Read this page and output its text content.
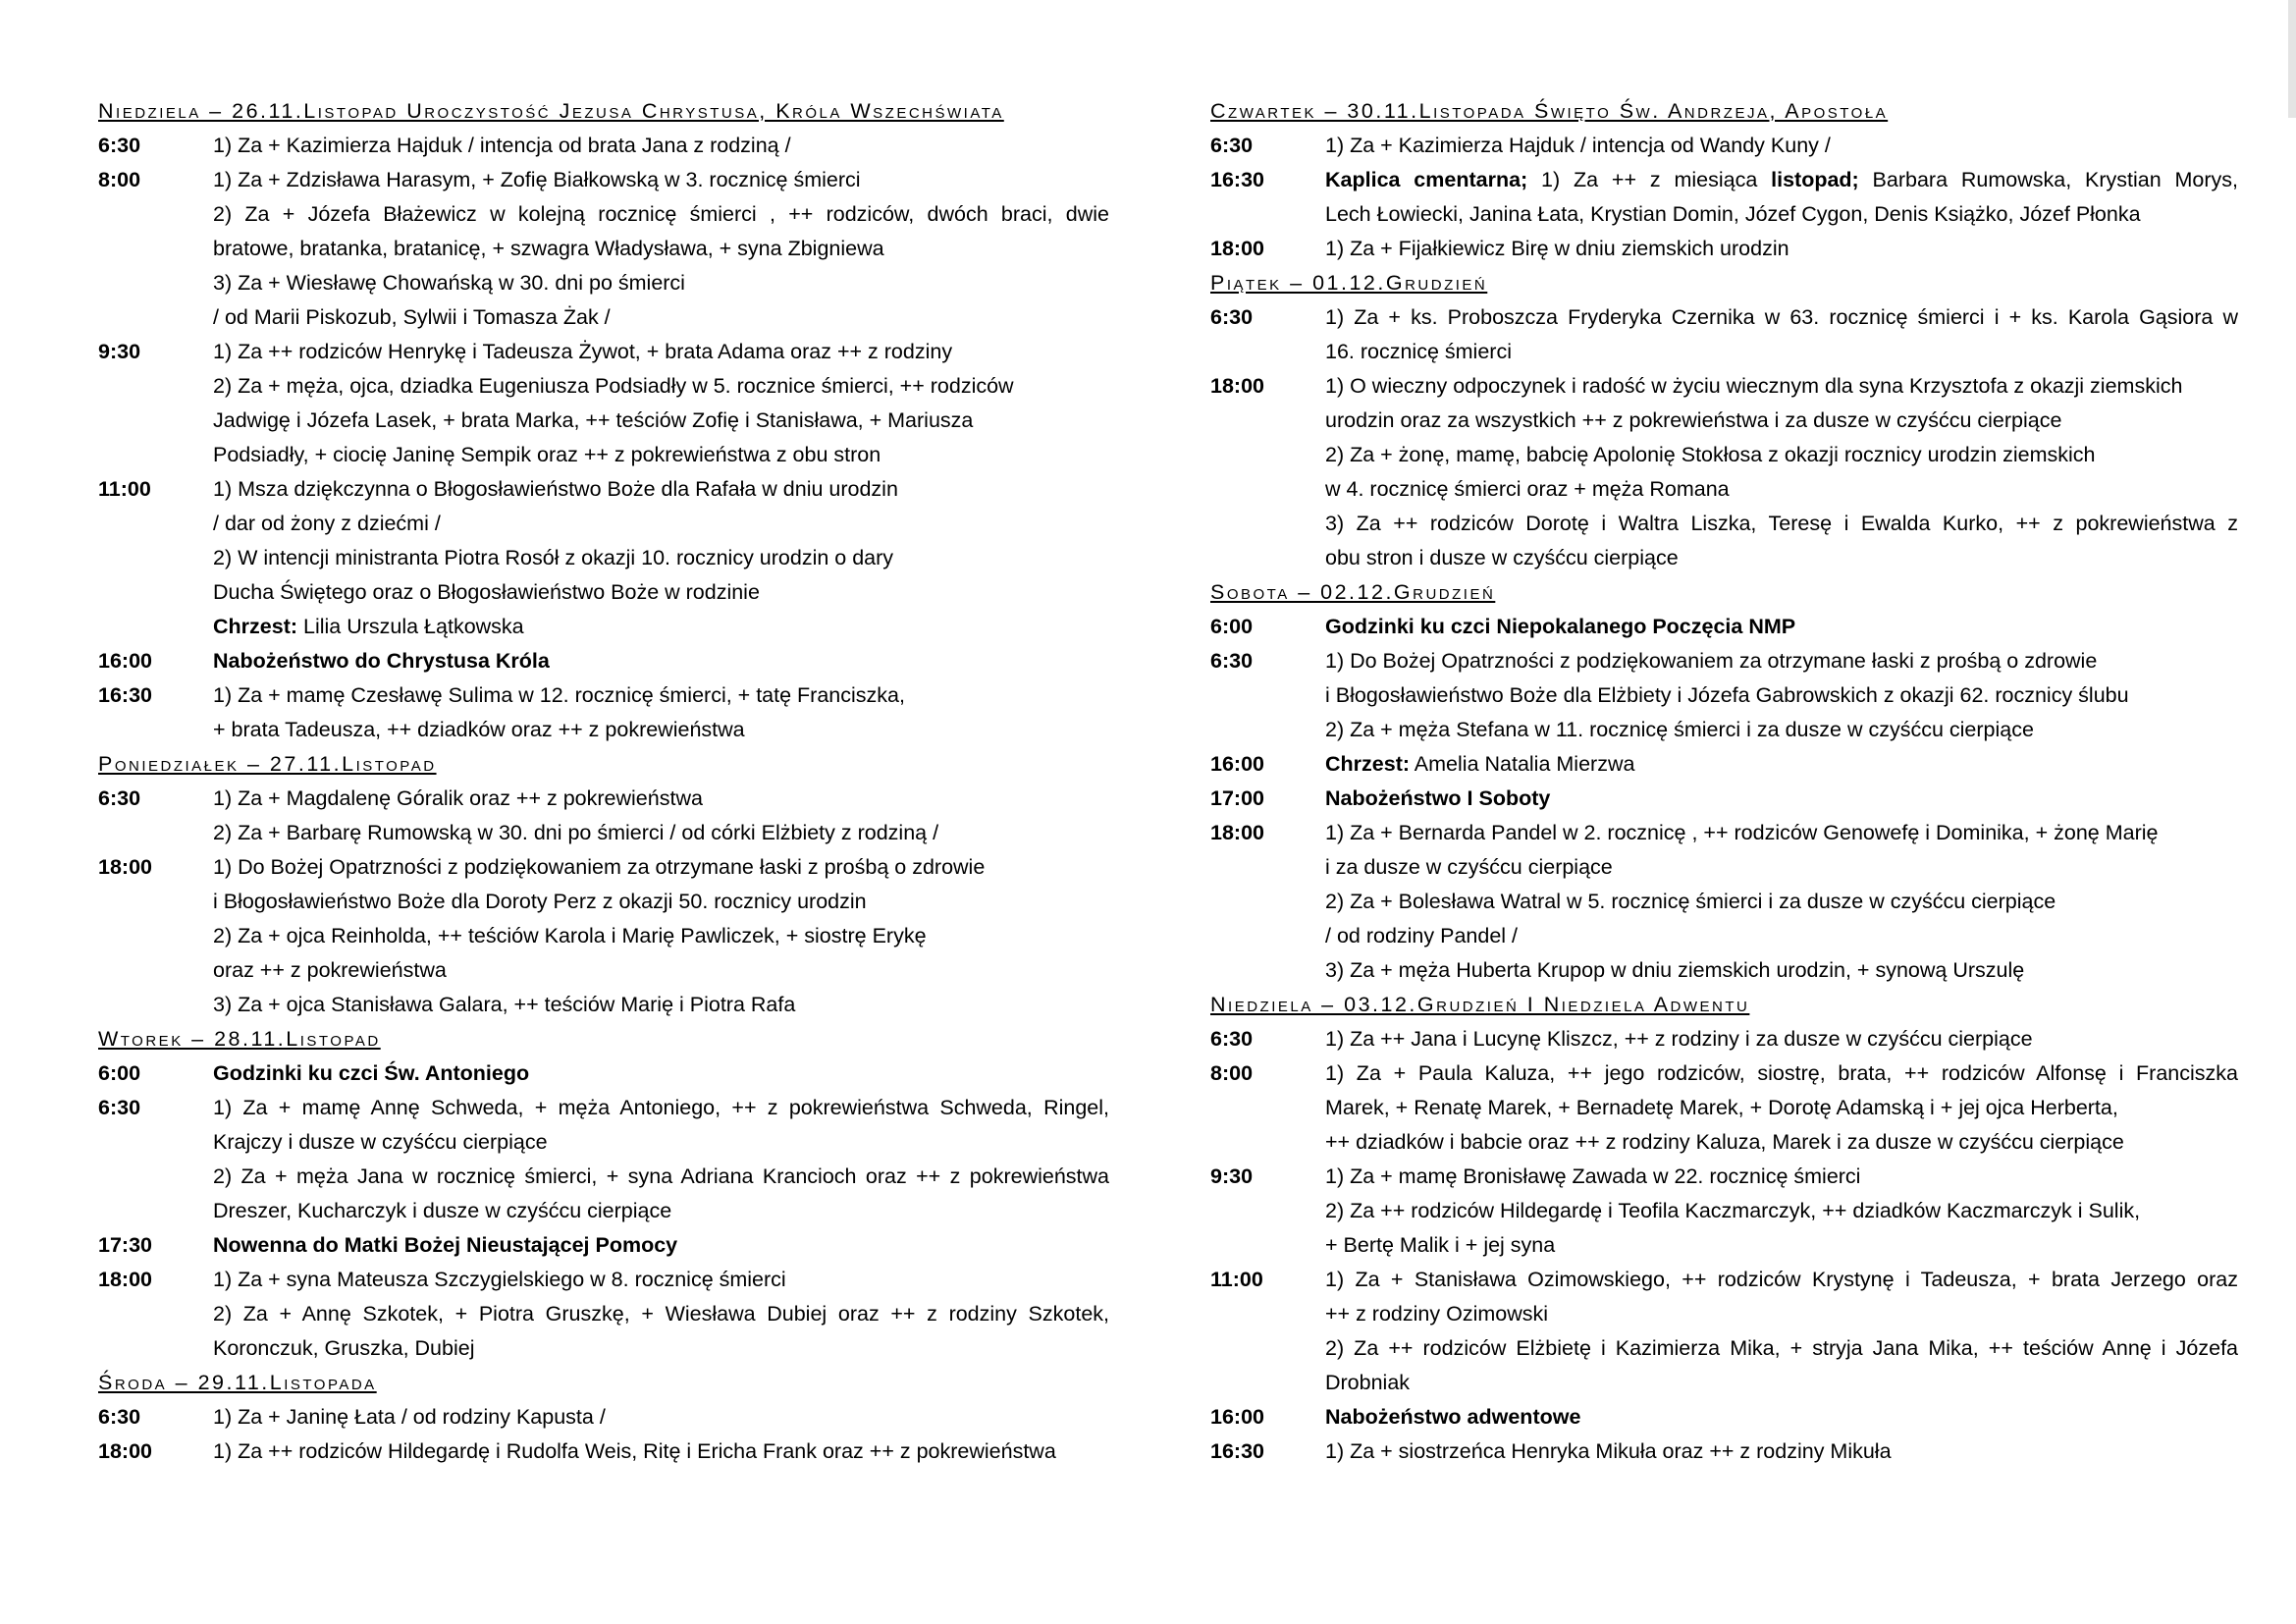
Niedziela – 26.11.Listopad Uroczystość Jezusa Chrystusa, Króla Wszechświata
6:30	1) Za + Kazimierza Hajduk / intencja od brata Jana z rodziną /
8:00	1) Za + Zdzisława Harasym, + Zofię Białkowską w 3. rocznicę śmierci
2) Za + Józefa Błażewicz w kolejną rocznicę śmierci , ++ rodziców, dwóch braci, dwie
bratowe, bratanka, bratanicę, + szwagra Władysława, + syna Zbigniewa
3) Za + Wiesławę Chowańską w 30. dni po śmierci
/ od Marii Piskozub, Sylwii i Tomasza Żak /
9:30	1) Za ++ rodziców Henrykę i Tadeusza Żywot, + brata Adama oraz ++ z rodziny
2) Za + męża, ojca, dziadka Eugeniusza Podsiadły w 5. rocznice śmierci, ++ rodziców
Jadwigę i Józefa Lasek, + brata Marka, ++ teściów Zofię i Stanisława, + Mariusza
Podsiadły, + ciocię Janinę Sempik oraz ++ z pokrewieństwa z obu stron
11:00	1) Msza dziękczynna o Błogosławieństwo Boże dla Rafała w dniu urodzin
/ dar od żony z dziećmi /
2) W intencji ministranta Piotra Rosół z okazji 10. rocznicy urodzin o dary
Ducha Świętego oraz o Błogosławieństwo Boże w rodzinie
Chrzest: Lilia Urszula Łątkowska
16:00	Nabożeństwo do Chrystusa Króla
16:30	1) Za + mamę Czesławę Sulima w 12. rocznicę śmierci, + tatę Franciszka,
+ brata Tadeusza, ++ dziadków oraz ++ z pokrewieństwa
Poniedziałek – 27.11.Listopad
6:30	1) Za + Magdalenę Góralik oraz ++ z pokrewieństwa
2) Za + Barbarę Rumowską w 30. dni po śmierci / od córki Elżbiety z rodziną /
18:00	1) Do Bożej Opatrzności z podziękowaniem za otrzymane łaski z prośbą o zdrowie
i Błogosławieństwo Boże dla Doroty Perz z okazji 50. rocznicy urodzin
2) Za + ojca Reinholda, ++ teściów Karola i Marię Pawliczek, + siostrę Erykę
oraz ++ z pokrewieństwa
3) Za + ojca Stanisława Galara, ++ teściów Marię i Piotra Rafa
Wtorek – 28.11.Listopad
6:00	Godzinki ku czci Św. Antoniego
6:30	1) Za + mamę Annę Schweda, + męża Antoniego, ++ z pokrewieństwa Schweda, Ringel,
Krajczy i dusze w czyśćcu cierpiące
2) Za + męża Jana w rocznicę śmierci, + syna Adriana Krancioch oraz ++ z pokrewieństwa
Dreszer, Kucharczyk i dusze w czyśćcu cierpiące
17:30	Nowenna do Matki Bożej Nieustającej Pomocy
18:00	1) Za + syna Mateusza Szczygielskiego w 8. rocznicę śmierci
2) Za + Annę Szkotek, + Piotra Gruszkę, + Wiesława Dubiej oraz ++ z rodziny Szkotek,
Koronczuk, Gruszka, Dubiej
Środa – 29.11.Listopada
6:30	1) Za + Janinę Łata / od rodziny Kapusta /
18:00	1) Za ++ rodziców Hildegardę i Rudolfa Weis, Ritę i Ericha Frank oraz ++ z pokrewieństwa
Czwartek – 30.11.Listopada Święto Św. Andrzeja, Apostoła
6:30	1) Za + Kazimierza Hajduk / intencja od Wandy Kuny /
16:30	Kaplica cmentarna; 1) Za ++ z miesiąca listopad; Barbara Rumowska, Krystian Morys,
Lech Łowiecki, Janina Łata, Krystian Domin, Józef Cygon, Denis Książko, Józef Płonka
18:00	1) Za + Fijałkiewicz Birę w dniu ziemskich urodzin
Piątek – 01.12.Grudzień
6:30	1) Za + ks. Proboszcza Fryderyka Czernika w 63. rocznicę śmierci i + ks. Karola Gąsiora w
16. rocznicę śmierci
18:00	1) O wieczny odpoczynek i radość w życiu wiecznym dla syna Krzysztofa z okazji ziemskich
urodzin oraz za wszystkich ++ z pokrewieństwa i za dusze w czyśćcu cierpiące
2) Za + żonę, mamę, babcię Apolonię Stokłosa z okazji rocznicy urodzin ziemskich
w 4. rocznicę śmierci oraz + męża Romana
3) Za ++ rodziców Dorotę i Waltra Liszka, Teresę i Ewalda Kurko, ++ z pokrewieństwa z
obu stron i dusze w czyśćcu cierpiące
Sobota – 02.12.Grudzień
6:00	Godzinki ku czci Niepokalanego Poczęcia NMP
6:30	1) Do Bożej Opatrzności z podziękowaniem za otrzymane łaski z prośbą o zdrowie
i Błogosławieństwo Boże dla Elżbiety i Józefa Gabrowskich z okazji 62. rocznicy ślubu
2) Za + męża Stefana w 11. rocznicę śmierci i za dusze w czyśćcu cierpiące
16:00	Chrzest: Amelia Natalia Mierzwa
17:00	Nabożeństwo I Soboty
18:00	1) Za + Bernarda Pandel w 2. rocznicę , ++ rodziców Genowefę i Dominika, + żonę Marię
i za dusze w czyśćcu cierpiące
2) Za + Bolesława Watral w 5. rocznicę śmierci i za dusze w czyśćcu cierpiące
/ od rodziny Pandel /
3) Za + męża Huberta Krupop w dniu ziemskich urodzin, + synową Urszulę
Niedziela – 03.12.Grudzień I Niedziela Adwentu
6:30	1) Za ++ Jana i Lucynę Kliszcz, ++ z rodziny i za dusze w czyśćcu cierpiące
8:00	1) Za + Paula Kaluza, ++ jego rodziców, siostrę, brata, ++ rodziców Alfonsę i Franciszka
Marek, + Renatę Marek, + Bernadetę Marek, + Dorotę Adamską i + jej ojca Herberta,
++ dziadków i babcie oraz ++ z rodziny Kaluza, Marek i za dusze w czyśćcu cierpiące
9:30	1) Za + mamę Bronisławę Zawada w 22. rocznicę śmierci
2) Za ++ rodziców Hildegardę i Teofila Kaczmarczyk, ++ dziadków Kaczmarczyk i Sulik,
+ Bertę Malik i + jej syna
11:00	1) Za + Stanisława Ozimowskiego, ++ rodziców Krystynę i Tadeusza, + brata Jerzego oraz
++ z rodziny Ozimowski
2) Za ++ rodziców Elżbietę i Kazimierza Mika, + stryja Jana Mika, ++ teściów Annę i Józefa
Drobniak
16:00	Nabożeństwo adwentowe
16:30	1) Za + siostrzeńca Henryka Mikuła oraz ++ z rodziny Mikuła
